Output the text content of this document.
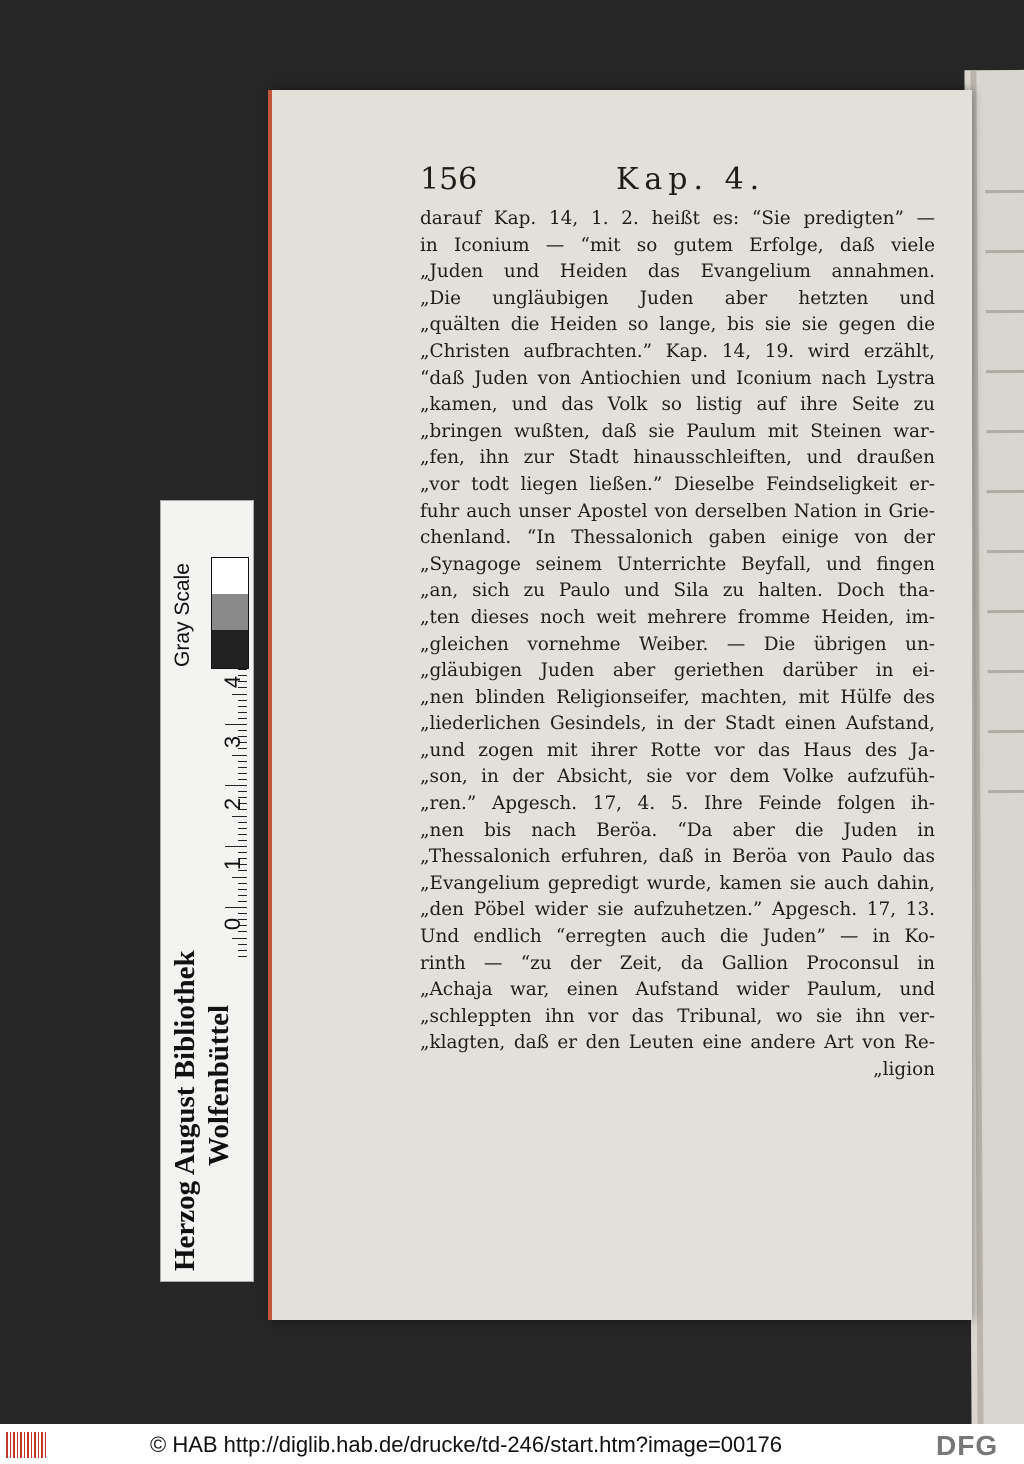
156	Kap. 4.
darauf Kap. 14, 1. 2. heißt es: “Sie predigten” —
in Iconium — “mit so gutem Erfolge, daß viele
„Juden und Heiden das Evangelium annahmen.
„Die ungläubigen Juden aber hetzten und
„quälten die Heiden so lange, bis sie sie gegen die
„Christen aufbrachten.” Kap. 14, 19. wird erzählt,
“daß Juden von Antiochien und Iconium nach Lystra
„kamen, und das Volk so listig auf ihre Seite zu
„bringen wußten, daß sie Paulum mit Steinen war-
„fen, ihn zur Stadt hinausschleiften, und draußen
„vor todt liegen ließen.” Dieselbe Feindseligkeit er-
fuhr auch unser Apostel von derselben Nation in Grie-
chenland. “In Thessalonich gaben einige von der
„Synagoge seinem Unterrichte Beyfall, und fingen
„an, sich zu Paulo und Sila zu halten. Doch tha-
„ten dieses noch weit mehrere fromme Heiden, im-
„gleichen vornehme Weiber. — Die übrigen un-
„gläubigen Juden aber geriethen darüber in ei-
„nen blinden Religionseifer, machten, mit Hülfe des
„liederlichen Gesindels, in der Stadt einen Aufstand,
„und zogen mit ihrer Rotte vor das Haus des Ja-
„son, in der Absicht, sie vor dem Volke aufzufüh-
„ren.” Apgesch. 17, 4. 5. Ihre Feinde folgen ih-
„nen bis nach Beröa. “Da aber die Juden in
„Thessalonich erfuhren, daß in Beröa von Paulo das
„Evangelium gepredigt wurde, kamen sie auch dahin,
„den Pöbel wider sie aufzuhetzen.” Apgesch. 17, 13.
Und endlich “erregten auch die Juden” — in Ko-
rinth — “zu der Zeit, da Gallion Proconsul in
„Achaja war, einen Aufstand wider Paulum, und
„schleppten ihn vor das Tribunal, wo sie ihn ver-
„klagten, daß er den Leuten eine andere Art von Re-
„ligion
Gray Scale
4
3
2
1
0
Herzog August Bibliothek Wolfenbüttel
© HAB http://diglib.hab.de/drucke/td-246/start.htm?image=00176	DFG
